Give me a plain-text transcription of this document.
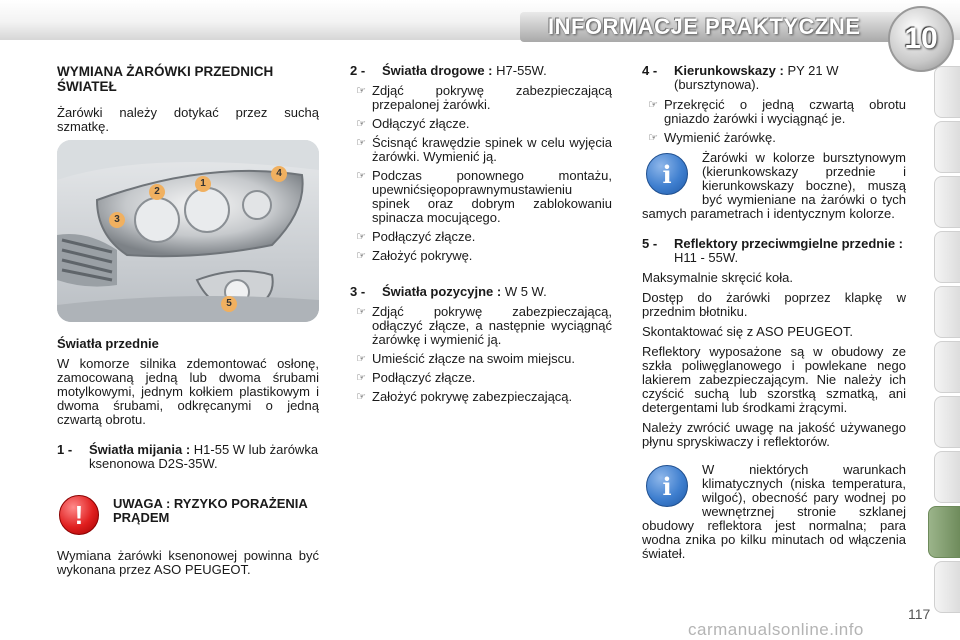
INFORMACJE PRAKTYCZNE	10
WYMIANA ŻARÓWKI PRZEDNICH ŚWIATEŁ

Żarówki należy dotykać przez suchą szmatkę.

1
2
3
4
5
Światła przednie

W komorze silnika zdemontować osłonę, zamocowaną jedną lub dwoma śrubami motylkowymi, jednym kołkiem plastikowym i dwoma śrubami, odkręcanymi o jedną czwartą obrotu.

1 -	Światła mijania : H1-55 W lub żarówka ksenonowa D2S-35W.
!	UWAGA : RYZYKO PORAŻENIA PRĄDEM

Wymiana żarówki ksenonowej powinna być wykonana przez ASO PEUGEOT.

2 -	Światła drogowe : H7-55W.
☞ Zdjąć pokrywę zabezpieczającą przepalonej żarówki.
☞ Odłączyć złącze.
☞ Ścisnąć krawędzie spinek w celu wyjęcia żarówki. Wymienić ją.
☞ Podczas ponownego montażu, upewnićsięopoprawnymustawieniu spinek oraz dobrym zablokowaniu spinacza mocującego.
☞ Podłączyć złącze.
☞ Założyć pokrywę.
3 -	Światła pozycyjne : W 5 W.
☞ Zdjąć pokrywę zabezpieczającą, odłączyć złącze, a następnie wyciągnąć żarówkę i wymienić ją.
☞ Umieścić złącze na swoim miejscu.
☞ Podłączyć złącze.
☞ Założyć pokrywę zabezpieczającą.
4 -	Kierunkowskazy : PY 21 W (bursztynowa).
☞ Przekręcić o jedną czwartą obrotu gniazdo żarówki i wyciągnąć je.
☞ Wymienić żarówkę.
i

Żarówki w kolorze bursztynowym (kierunkowskazy przednie i kierunkowskazy boczne), muszą być wymieniane na żarówki o tych samych parametrach i identycznym kolorze.

5 -	Reflektory przeciwmgielne przednie : H11 - 55W.

Maksymalnie skręcić koła.

Dostęp do żarówki poprzez klapkę w przednim błotniku.

Skontaktować się z ASO PEUGEOT.

Reflektory wyposażone są w obudowy ze szkła poliwęglanowego i powlekane nego lakierem zabezpieczającym. Nie należy ich czyścić suchą lub szorstką szmatką, ani detergentami lub środkami żrącymi.

Należy zwrócić uwagę na jakość używanego płynu spryskiwaczy i reflektorów.

i

W niektórych warunkach klimatycznych (niska temperatura, wilgoć), obecność pary wodnej po wewnętrznej stronie szklanej obudowy reflektora jest normalna; para wodna znika po kilku minutach od włączenia świateł.

117
carmanualsonline.info
